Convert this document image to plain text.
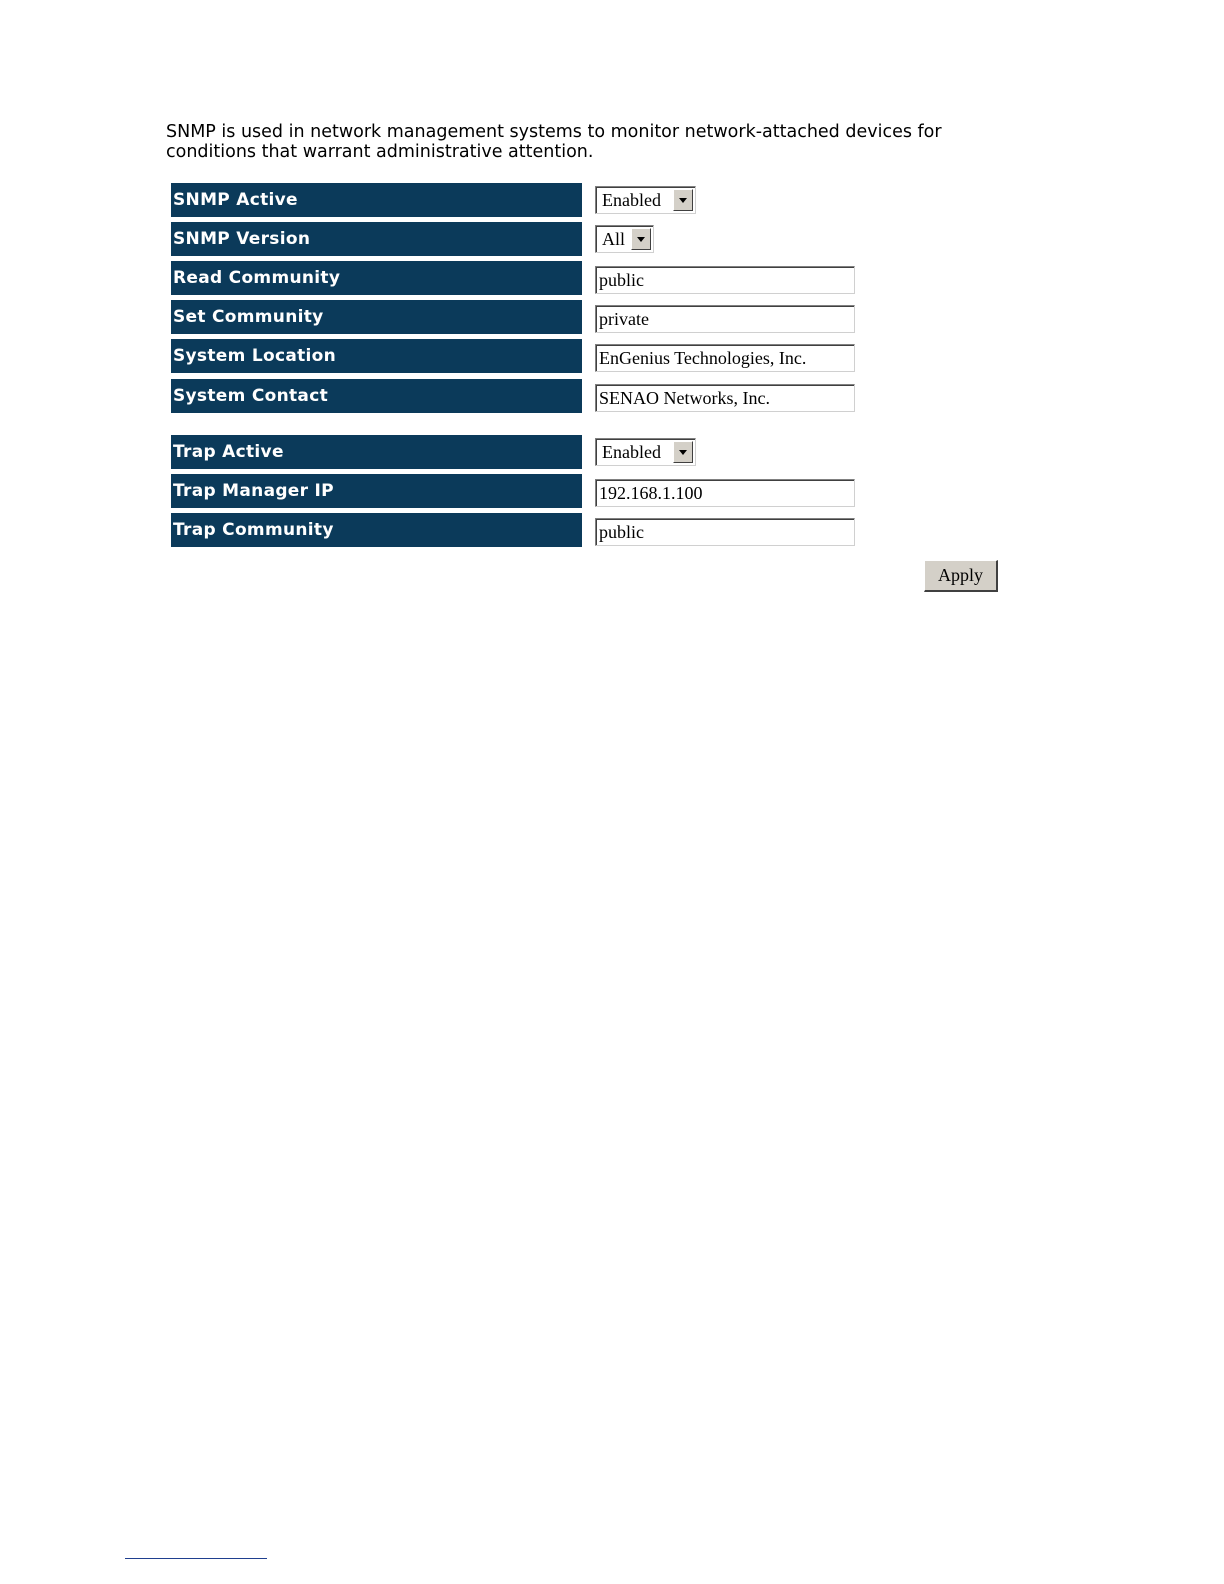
SNMP is used in network management systems to monitor network-attached devices for conditions that warrant administrative attention.
SNMP Active	Enabled
SNMP Version	All
Read Community	public
Set Community	private
System Location	EnGenius Technologies, Inc.
System Contact	SENAO Networks, Inc.
Trap Active	Enabled
Trap Manager IP	192.168.1.100
Trap Community	public
Apply
